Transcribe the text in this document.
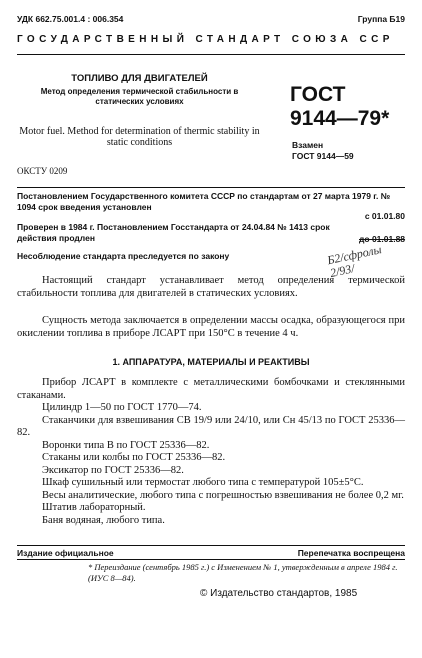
УДК 662.75.001.4 : 006.354	Группа Б19
ГОСУДАРСТВЕННЫЙ СТАНДАРТ СОЮЗА ССР
ТОПЛИВО ДЛЯ ДВИГАТЕЛЕЙ
Метод определения термической стабильности в статических условиях
Motor fuel. Method for determination of thermic stability in static conditions
ГОСТ
9144—79*
Взамен
ГОСТ 9144—59
ОКСТУ 0209
Постановлением Государственного комитета СССР по стандартам от 27 марта 1979 г. № 1094 срок введения установлен
с 01.01.80
Проверен в 1984 г. Постановлением Госстандарта от 24.04.84 № 1413 срок действия продлен	до 01.01.88
Несоблюдение стандарта преследуется по закону	Б2/сфролы 2/93/
Настоящий стандарт устанавливает метод определения термической стабильности топлива для двигателей в статических условиях.
Сущность метода заключается в определении массы осадка, образующегося при окислении топлива в приборе ЛСАРТ при 150°С в течение 4 ч.
1. АППАРАТУРА, МАТЕРИАЛЫ И РЕАКТИВЫ
Прибор ЛСАРТ в комплекте с металлическими бомбочками и стеклянными стаканами.
Цилиндр 1—50 по ГОСТ 1770—74.
Стаканчики для взвешивания СВ 19/9 или 24/10, или Сн 45/13 по ГОСТ 25336—82.
Воронки типа В по ГОСТ 25336—82.
Стаканы или колбы по ГОСТ 25336—82.
Эксикатор по ГОСТ 25336—82.
Шкаф сушильный или термостат любого типа с температурой 105±5°С.
Весы аналитические, любого типа с погрешностью взвешивания не более 0,2 мг.
Штатив лабораторный.
Баня водяная, любого типа.
Издание официальное	Перепечатка воспрещена
* Переиздание (сентябрь 1985 г.) с Изменением № 1, утвержденным в апреле 1984 г. (ИУС 8—84).
© Издательство стандартов, 1985
